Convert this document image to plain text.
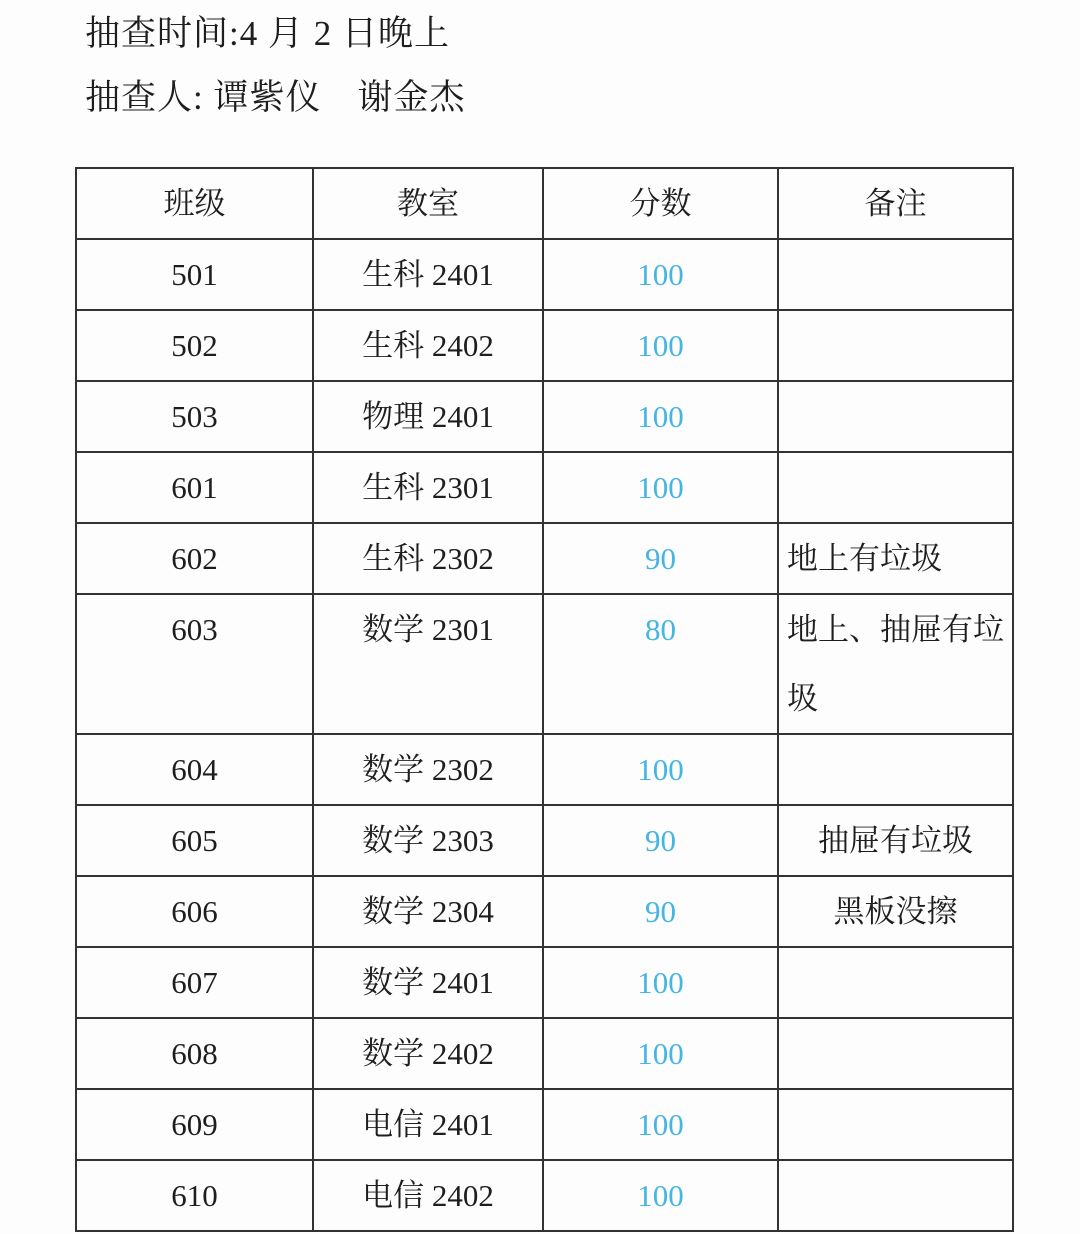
抽查时间:4 月 2 日晚上
抽查人: 谭紫仪　谢金杰
班级	教室	分数	备注
501	生科 2401	100	
502	生科 2402	100	
503	物理 2401	100	
601	生科 2301	100	
602	生科 2302	90	地上有垃圾
603	数学 2301	80	地上、抽屉有垃圾
604	数学 2302	100	
605	数学 2303	90	抽屉有垃圾
606	数学 2304	90	黑板没擦
607	数学 2401	100	
608	数学 2402	100	
609	电信 2401	100	
610	电信 2402	100	
